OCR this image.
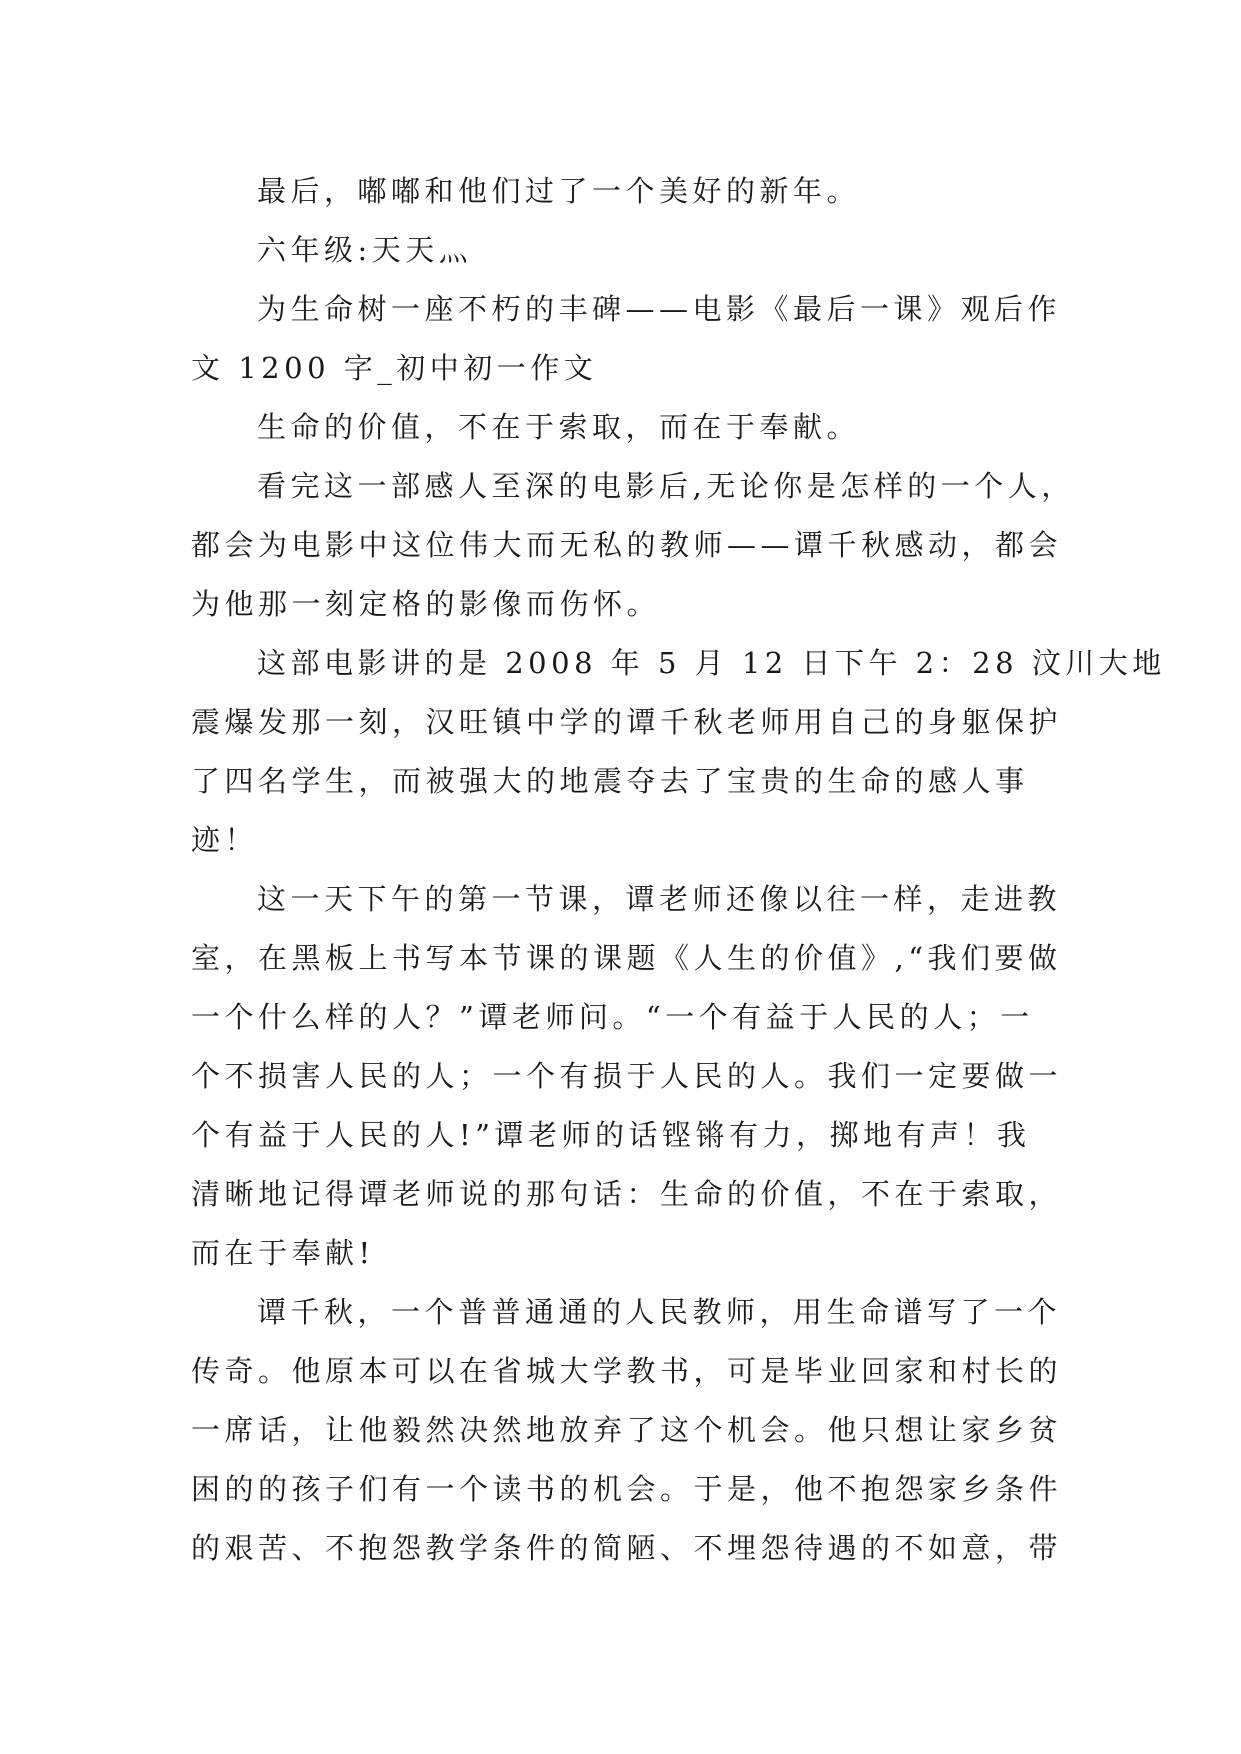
最后，嘟嘟和他们过了一个美好的新年。

六年级:天天灬

为生命树一座不朽的丰碑——电影《最后一课》观后作
文 1200 字_初中初一作文

生命的价值，不在于索取，而在于奉献。

看完这一部感人至深的电影后,无论你是怎样的一个人，
都会为电影中这位伟大而无私的教师——谭千秋感动，都会
为他那一刻定格的影像而伤怀。

这部电影讲的是 2008 年 5 月 12 日下午 2：28 汶川大地
震爆发那一刻，汉旺镇中学的谭千秋老师用自己的身躯保护
了四名学生，而被强大的地震夺去了宝贵的生命的感人事
迹！

这一天下午的第一节课，谭老师还像以往一样，走进教
室，在黑板上书写本节课的课题《人生的价值》,“我们要做
一个什么样的人？”谭老师问。“一个有益于人民的人；一
个不损害人民的人；一个有损于人民的人。我们一定要做一
个有益于人民的人!”谭老师的话铿锵有力，掷地有声！我
清晰地记得谭老师说的那句话：生命的价值，不在于索取，
而在于奉献!

谭千秋，一个普普通通的人民教师，用生命谱写了一个
传奇。他原本可以在省城大学教书，可是毕业回家和村长的
一席话，让他毅然决然地放弃了这个机会。他只想让家乡贫
困的的孩子们有一个读书的机会。于是，他不抱怨家乡条件
的艰苦、不抱怨教学条件的简陋、不埋怨待遇的不如意，带
